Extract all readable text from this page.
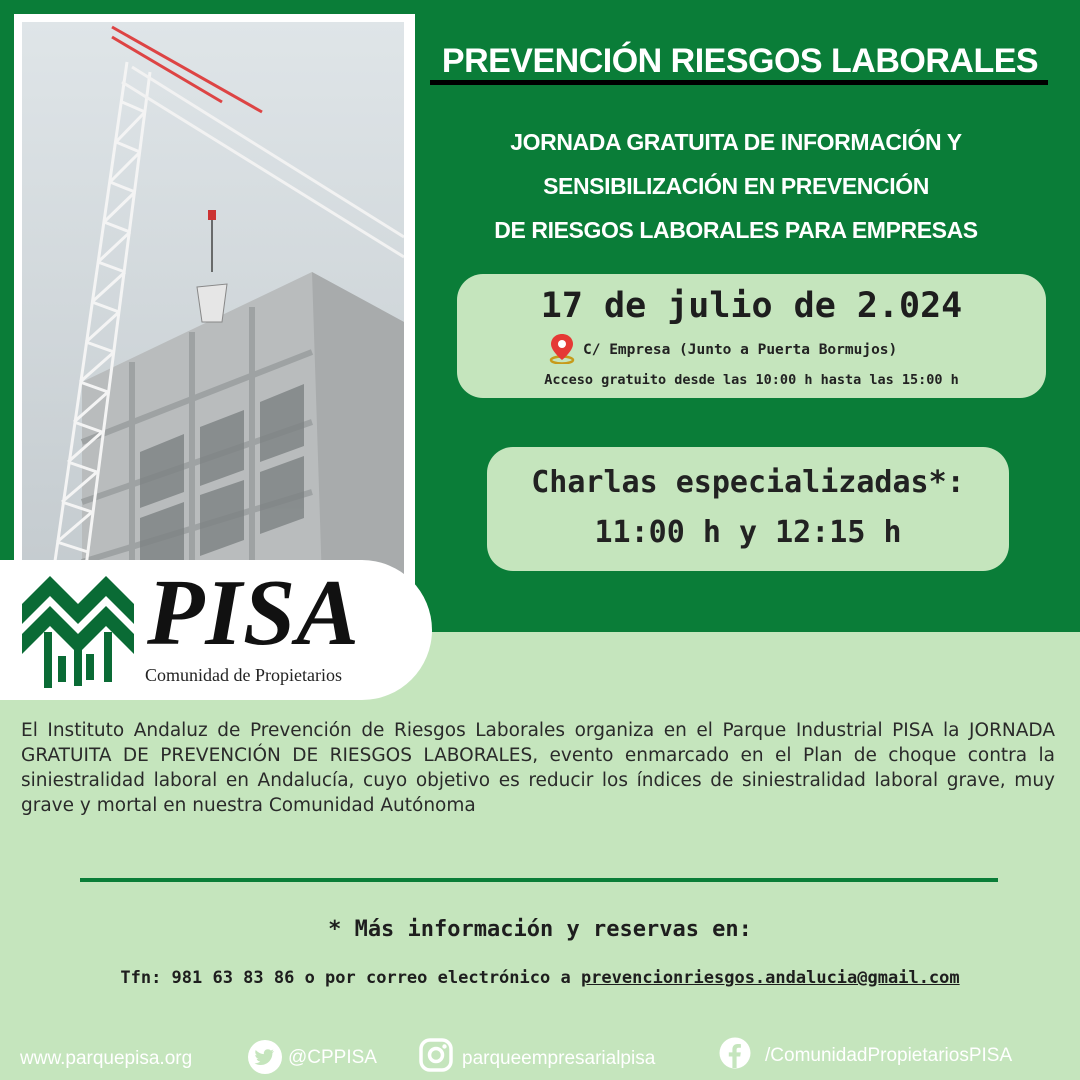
PISA
Comunidad de Propietarios
PREVENCIÓN RIESGOS LABORALES
JORNADA GRATUITA DE INFORMACIÓN Y
SENSIBILIZACIÓN EN PREVENCIÓN
DE RIESGOS LABORALES PARA EMPRESAS
17 de julio de 2.024
C/ Empresa (Junto a Puerta Bormujos)
Acceso gratuito desde las 10:00 h hasta las 15:00 h
Charlas especializadas*:
11:00 h y 12:15 h
El Instituto Andaluz de Prevención de Riesgos Laborales organiza en el Parque Industrial PISA la JORNADA GRATUITA DE PREVENCIÓN DE RIESGOS LABORALES, evento enmarcado en el Plan de choque contra la siniestralidad laboral en Andalucía, cuyo objetivo es reducir los índices de siniestralidad laboral grave, muy grave y mortal en nuestra Comunidad Autónoma
* Más información y reservas en:
Tfn: 981 63 83 86 o por correo electrónico a prevencionriesgos.andalucia@gmail.com
www.parquepisa.org	@CPPISA	parqueempresarialpisa	/ComunidadPropietariosPISA
